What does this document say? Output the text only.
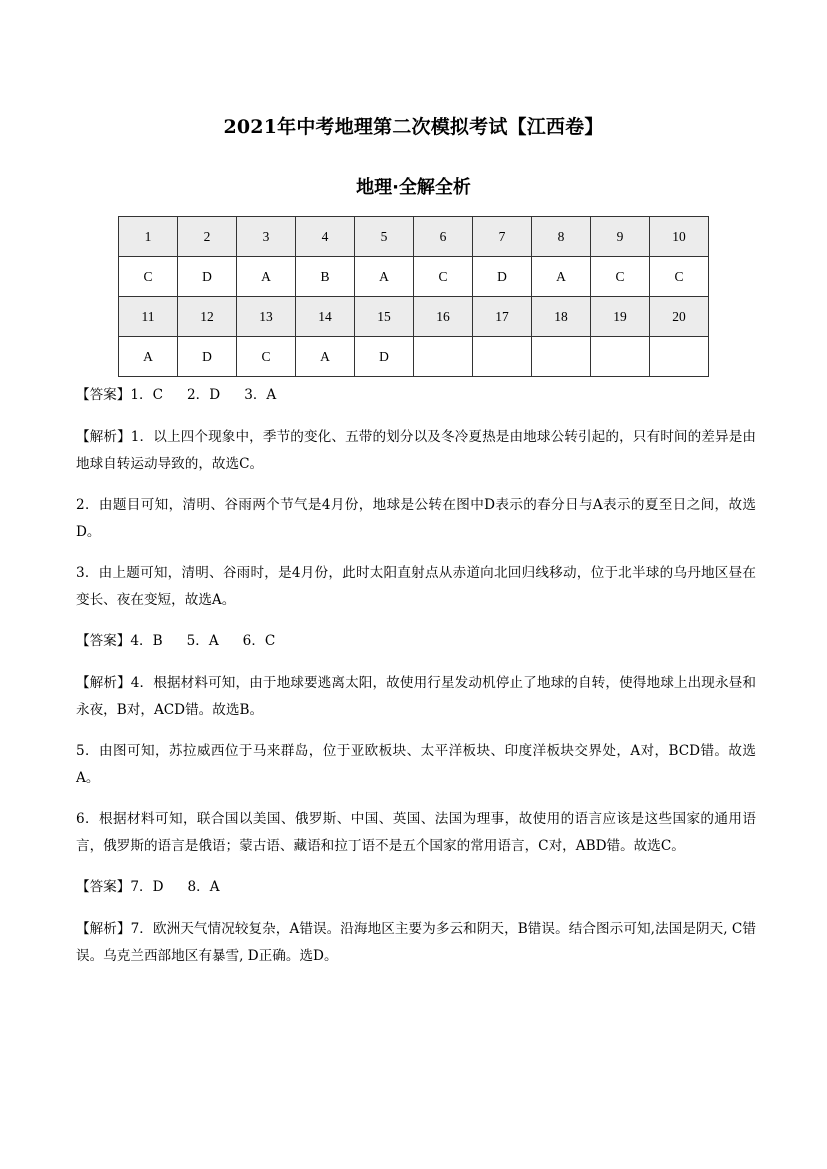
2021年中考地理第二次模拟考试【江西卷】
地理·全解全析
1	2	3	4	5	6	7	8	9	10
C	D	A	B	A	C	D	A	C	C
11	12	13	14	15	16	17	18	19	20
A	D	C	A	D					

【答案】1．C 2．D 3．A

【解析】1．以上四个现象中，季节的变化、五带的划分以及冬冷夏热是由地球公转引起的，只有时间的差异是由地球自转运动导致的，故选C。

2．由题目可知，清明、谷雨两个节气是4月份，地球是公转在图中D表示的春分日与A表示的夏至日之间，故选D。

3．由上题可知，清明、谷雨时，是4月份，此时太阳直射点从赤道向北回归线移动，位于北半球的乌丹地区昼在变长、夜在变短，故选A。

【答案】4．B 5．A 6．C

【解析】4．根据材料可知，由于地球要逃离太阳，故使用行星发动机停止了地球的自转，使得地球上出现永昼和永夜，B对，ACD错。故选B。

5．由图可知，苏拉威西位于马来群岛，位于亚欧板块、太平洋板块、印度洋板块交界处，A对，BCD错。故选A。

6．根据材料可知，联合国以美国、俄罗斯、中国、英国、法国为理事，故使用的语言应该是这些国家的通用语言，俄罗斯的语言是俄语；蒙古语、藏语和拉丁语不是五个国家的常用语言，C对，ABD错。故选C。

【答案】7．D 8．A

【解析】7．欧洲天气情况较复杂，A错误。沿海地区主要为多云和阴天，B错误。结合图示可知,法国是阴天, C错误。乌克兰西部地区有暴雪, D正确。选D。
